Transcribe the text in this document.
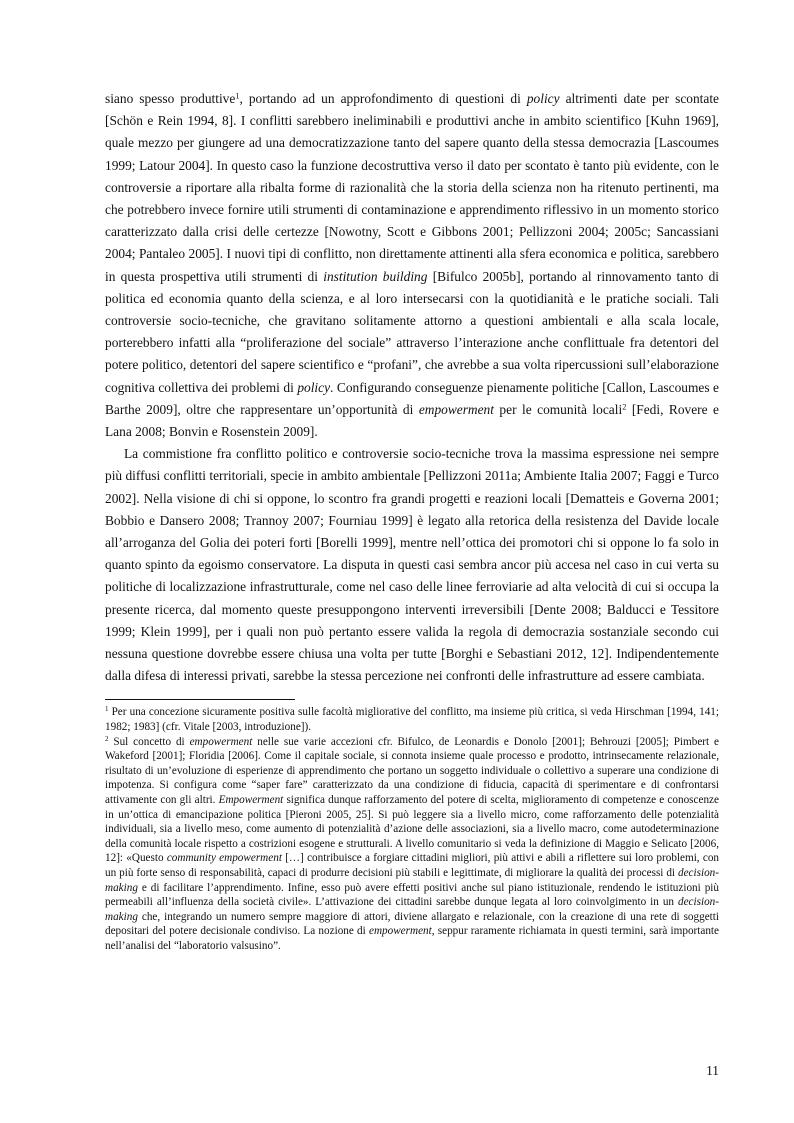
siano spesso produttive$^1$, portando ad un approfondimento di questioni di policy altrimenti date per scontate [Schön e Rein 1994, 8]. I conflitti sarebbero ineliminabili e produttivi anche in ambito scientifico [Kuhn 1969], quale mezzo per giungere ad una democratizzazione tanto del sapere quanto della stessa democrazia [Lascoumes 1999; Latour 2004]. In questo caso la funzione decostruttiva verso il dato per scontato è tanto più evidente, con le controversie a riportare alla ribalta forme di razionalità che la storia della scienza non ha ritenuto pertinenti, ma che potrebbero invece fornire utili strumenti di contaminazione e apprendimento riflessivo in un momento storico caratterizzato dalla crisi delle certezze [Nowotny, Scott e Gibbons 2001; Pellizzoni 2004; 2005c; Sancassiani 2004; Pantaleo 2005]. I nuovi tipi di conflitto, non direttamente attinenti alla sfera economica e politica, sarebbero in questa prospettiva utili strumenti di institution building [Bifulco 2005b], portando al rinnovamento tanto di politica ed economia quanto della scienza, e al loro intersecarsi con la quotidianità e le pratiche sociali. Tali controversie socio-tecniche, che gravitano solitamente attorno a questioni ambientali e alla scala locale, porterebbero infatti alla “proliferazione del sociale” attraverso l’interazione anche conflittuale fra detentori del potere politico, detentori del sapere scientifico e “profani”, che avrebbe a sua volta ripercussioni sull’elaborazione cognitiva collettiva dei problemi di policy. Configurando conseguenze pienamente politiche [Callon, Lascoumes e Barthe 2009], oltre che rappresentare un’opportunità di empowerment per le comunità locali$^2$ [Fedi, Rovere e Lana 2008; Bonvin e Rosenstein 2009].

La commistione fra conflitto politico e controversie socio-tecniche trova la massima espressione nei sempre più diffusi conflitti territoriali, specie in ambito ambientale [Pellizzoni 2011a; Ambiente Italia 2007; Faggi e Turco 2002]. Nella visione di chi si oppone, lo scontro fra grandi progetti e reazioni locali [Dematteis e Governa 2001; Bobbio e Dansero 2008; Trannoy 2007; Fourniau 1999] è legato alla retorica della resistenza del Davide locale all’arroganza del Golia dei poteri forti [Borelli 1999], mentre nell’ottica dei promotori chi si oppone lo fa solo in quanto spinto da egoismo conservatore. La disputa in questi casi sembra ancor più accesa nel caso in cui verta su politiche di localizzazione infrastrutturale, come nel caso delle linee ferroviarie ad alta velocità di cui si occupa la presente ricerca, dal momento queste presuppongono interventi irreversibili [Dente 2008; Balducci e Tessitore 1999; Klein 1999], per i quali non può pertanto essere valida la regola di democrazia sostanziale secondo cui nessuna questione dovrebbe essere chiusa una volta per tutte [Borghi e Sebastiani 2012, 12]. Indipendentemente dalla difesa di interessi privati, sarebbe la stessa percezione nei confronti delle infrastrutture ad essere cambiata.

$^1$ Per una concezione sicuramente positiva sulle facoltà migliorative del conflitto, ma insieme più critica, si veda Hirschman [1994, 141; 1982; 1983] (cfr. Vitale [2003, introduzione]).

$^2$ Sul concetto di empowerment nelle sue varie accezioni cfr. Bifulco, de Leonardis e Donolo [2001]; Behrouzi [2005]; Pimbert e Wakeford [2001]; Floridia [2006]. Come il capitale sociale, si connota insieme quale processo e prodotto, intrinsecamente relazionale, risultato di un’evoluzione di esperienze di apprendimento che portano un soggetto individuale o collettivo a superare una condizione di impotenza. Si configura come “saper fare” caratterizzato da una condizione di fiducia, capacità di sperimentare e di confrontarsi attivamente con gli altri. Empowerment significa dunque rafforzamento del potere di scelta, miglioramento di competenze e conoscenze in un’ottica di emancipazione politica [Pieroni 2005, 25]. Si può leggere sia a livello micro, come rafforzamento delle potenzialità individuali, sia a livello meso, come aumento di potenzialità d’azione delle associazioni, sia a livello macro, come autodeterminazione della comunità locale rispetto a costrizioni esogene e strutturali. A livello comunitario si veda la definizione di Maggio e Selicato [2006, 12]: «Questo community empowerment […] contribuisce a forgiare cittadini migliori, più attivi e abili a riflettere sui loro problemi, con un più forte senso di responsabilità, capaci di produrre decisioni più stabili e legittimate, di migliorare la qualità dei processi di decision-making e di facilitare l’apprendimento. Infine, esso può avere effetti positivi anche sul piano istituzionale, rendendo le istituzioni più permeabili all’influenza della società civile». L’attivazione dei cittadini sarebbe dunque legata al loro coinvolgimento in un decision-making che, integrando un numero sempre maggiore di attori, diviene allargato e relazionale, con la creazione di una rete di soggetti depositari del potere decisionale condiviso. La nozione di empowerment, seppur raramente richiamata in questi termini, sarà importante nell’analisi del “laboratorio valsusino”.

11
